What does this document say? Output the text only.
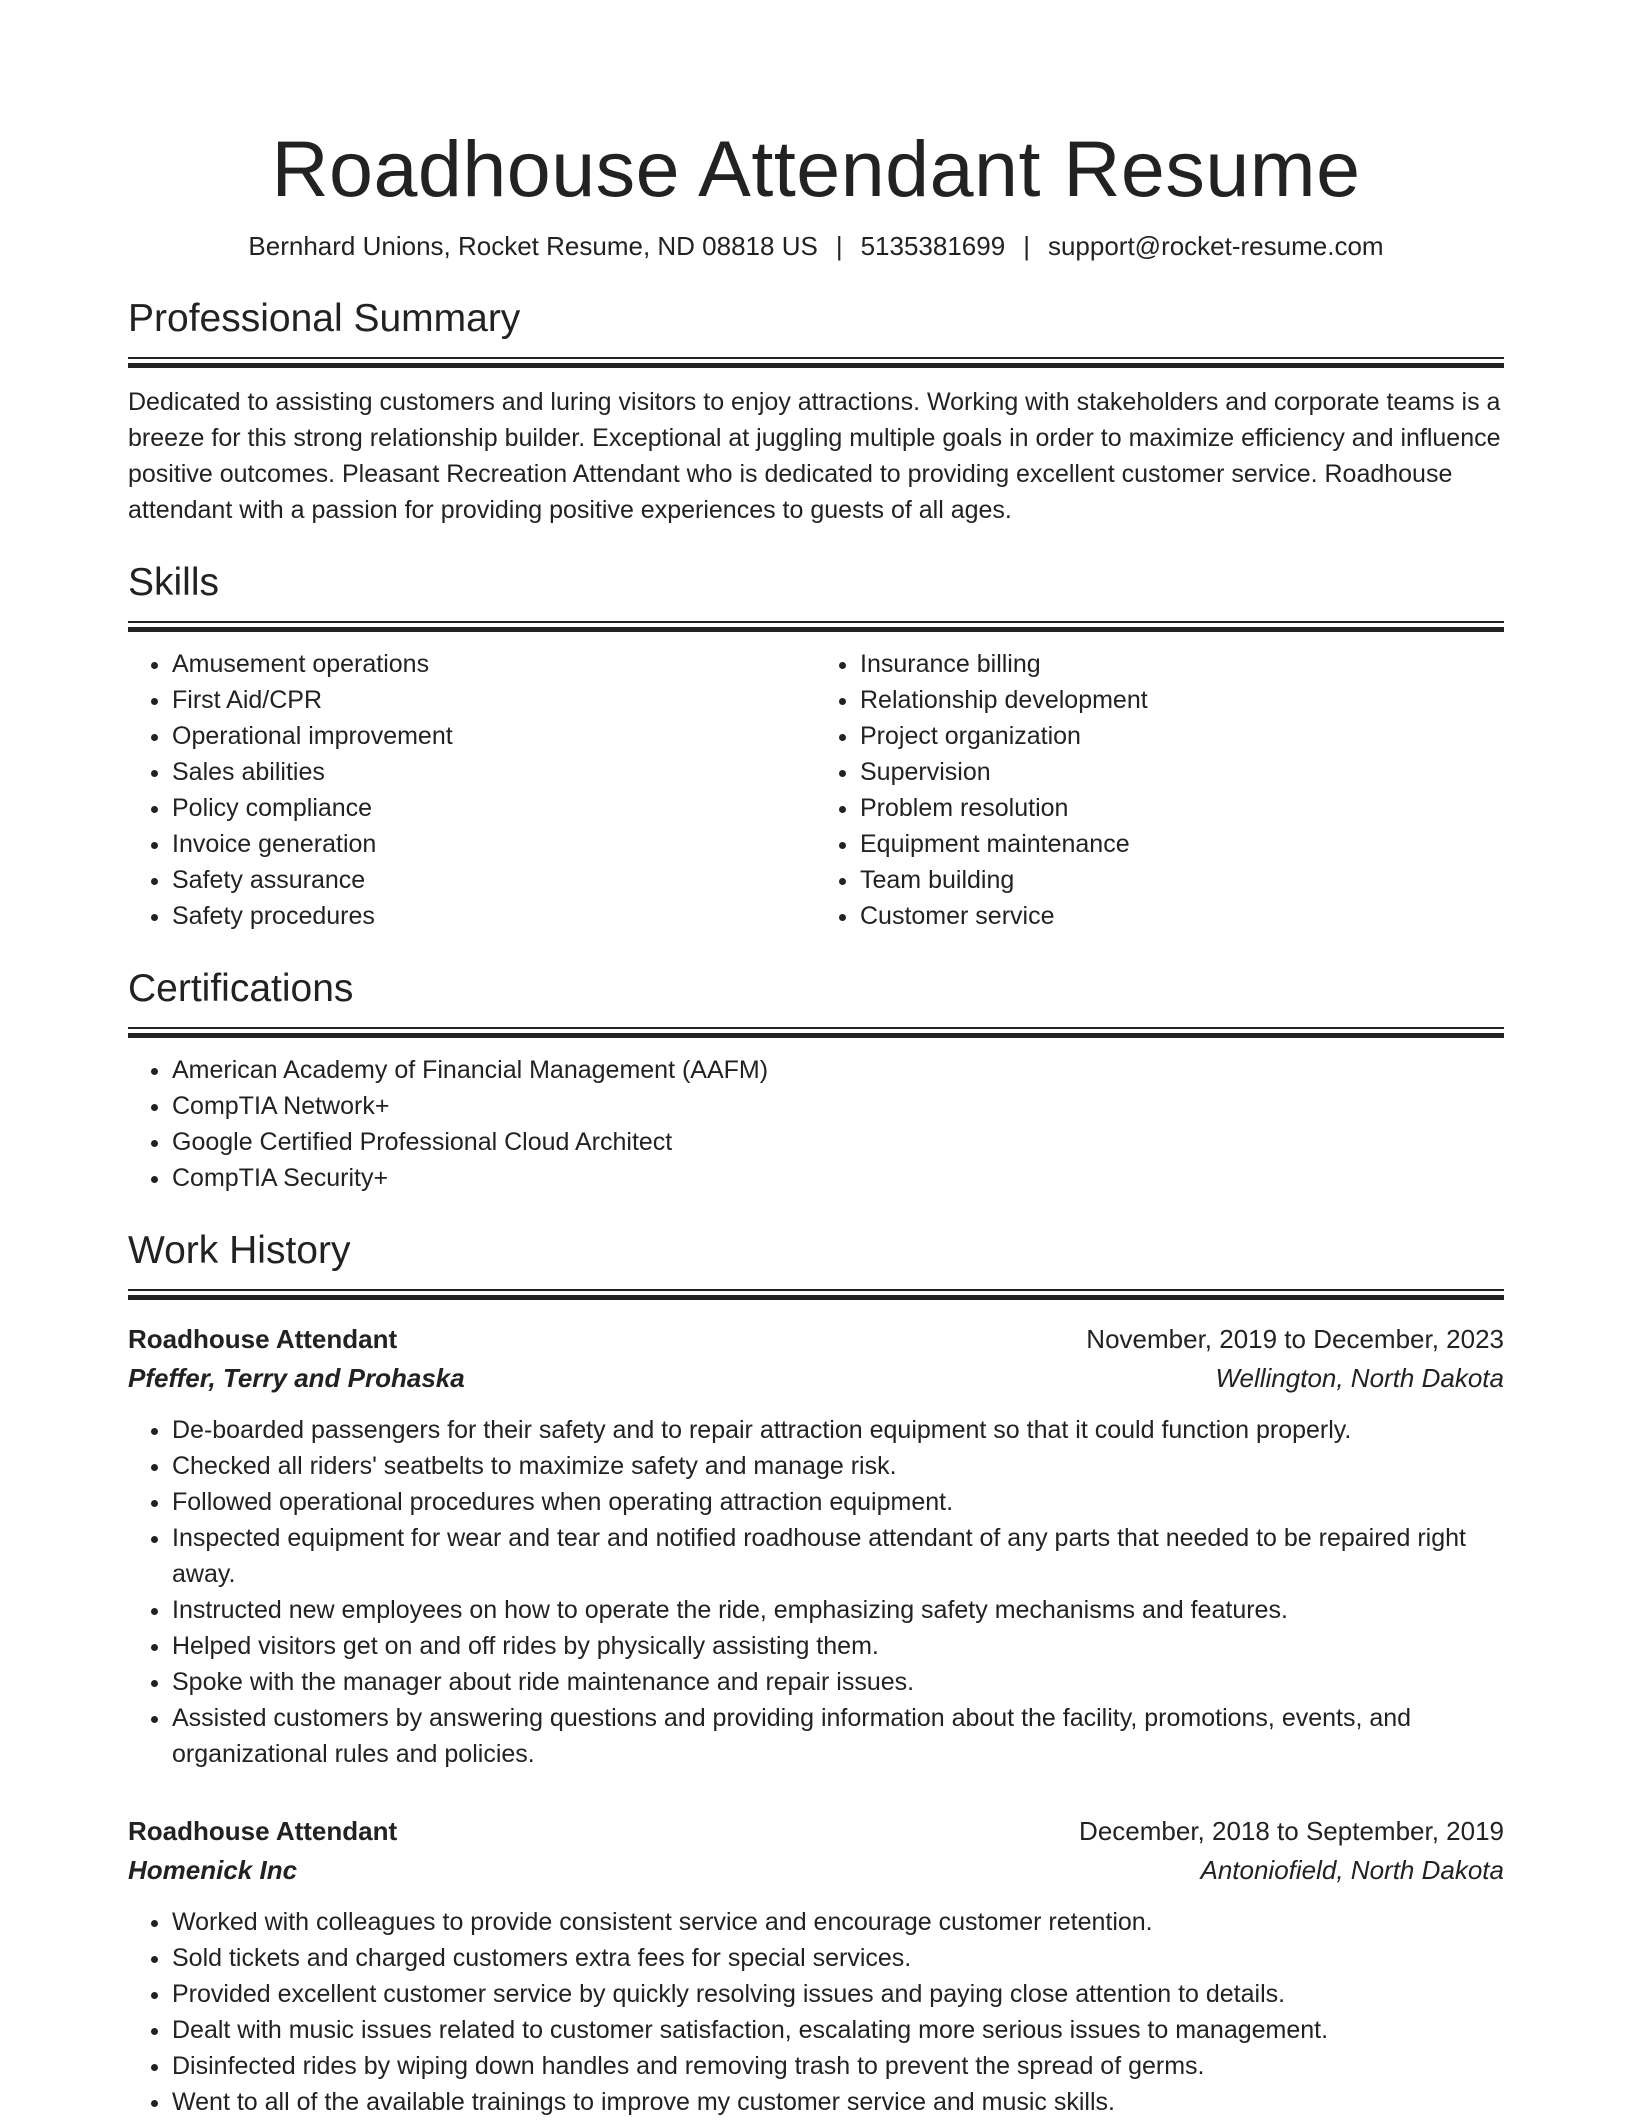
Roadhouse Attendant Resume
Bernhard Unions, Rocket Resume, ND 08818 US | 5135381699 | support@rocket-resume.com
Professional Summary

Dedicated to assisting customers and luring visitors to enjoy attractions. Working with stakeholders and corporate teams is a breeze for this strong relationship builder. Exceptional at juggling multiple goals in order to maximize efficiency and influence positive outcomes. Pleasant Recreation Attendant who is dedicated to providing excellent customer service. Roadhouse attendant with a passion for providing positive experiences to guests of all ages.

Skills
• Amusement operations
• First Aid/CPR
• Operational improvement
• Sales abilities
• Policy compliance
• Invoice generation
• Safety assurance
• Safety procedures
• Insurance billing
• Relationship development
• Project organization
• Supervision
• Problem resolution
• Equipment maintenance
• Team building
• Customer service
Certifications
• American Academy of Financial Management (AAFM)
• CompTIA Network+
• Google Certified Professional Cloud Architect
• CompTIA Security+
Work History
Roadhouse Attendant	November, 2019 to December, 2023
Pfeffer, Terry and Prohaska	Wellington, North Dakota
• De-boarded passengers for their safety and to repair attraction equipment so that it could function properly.
• Checked all riders' seatbelts to maximize safety and manage risk.
• Followed operational procedures when operating attraction equipment.
• Inspected equipment for wear and tear and notified roadhouse attendant of any parts that needed to be repaired right away.
• Instructed new employees on how to operate the ride, emphasizing safety mechanisms and features.
• Helped visitors get on and off rides by physically assisting them.
• Spoke with the manager about ride maintenance and repair issues.
• Assisted customers by answering questions and providing information about the facility, promotions, events, and organizational rules and policies.
Roadhouse Attendant	December, 2018 to September, 2019
Homenick Inc	Antoniofield, North Dakota
• Worked with colleagues to provide consistent service and encourage customer retention.
• Sold tickets and charged customers extra fees for special services.
• Provided excellent customer service by quickly resolving issues and paying close attention to details.
• Dealt with music issues related to customer satisfaction, escalating more serious issues to management.
• Disinfected rides by wiping down handles and removing trash to prevent the spread of germs.
• Went to all of the available trainings to improve my customer service and music skills.
